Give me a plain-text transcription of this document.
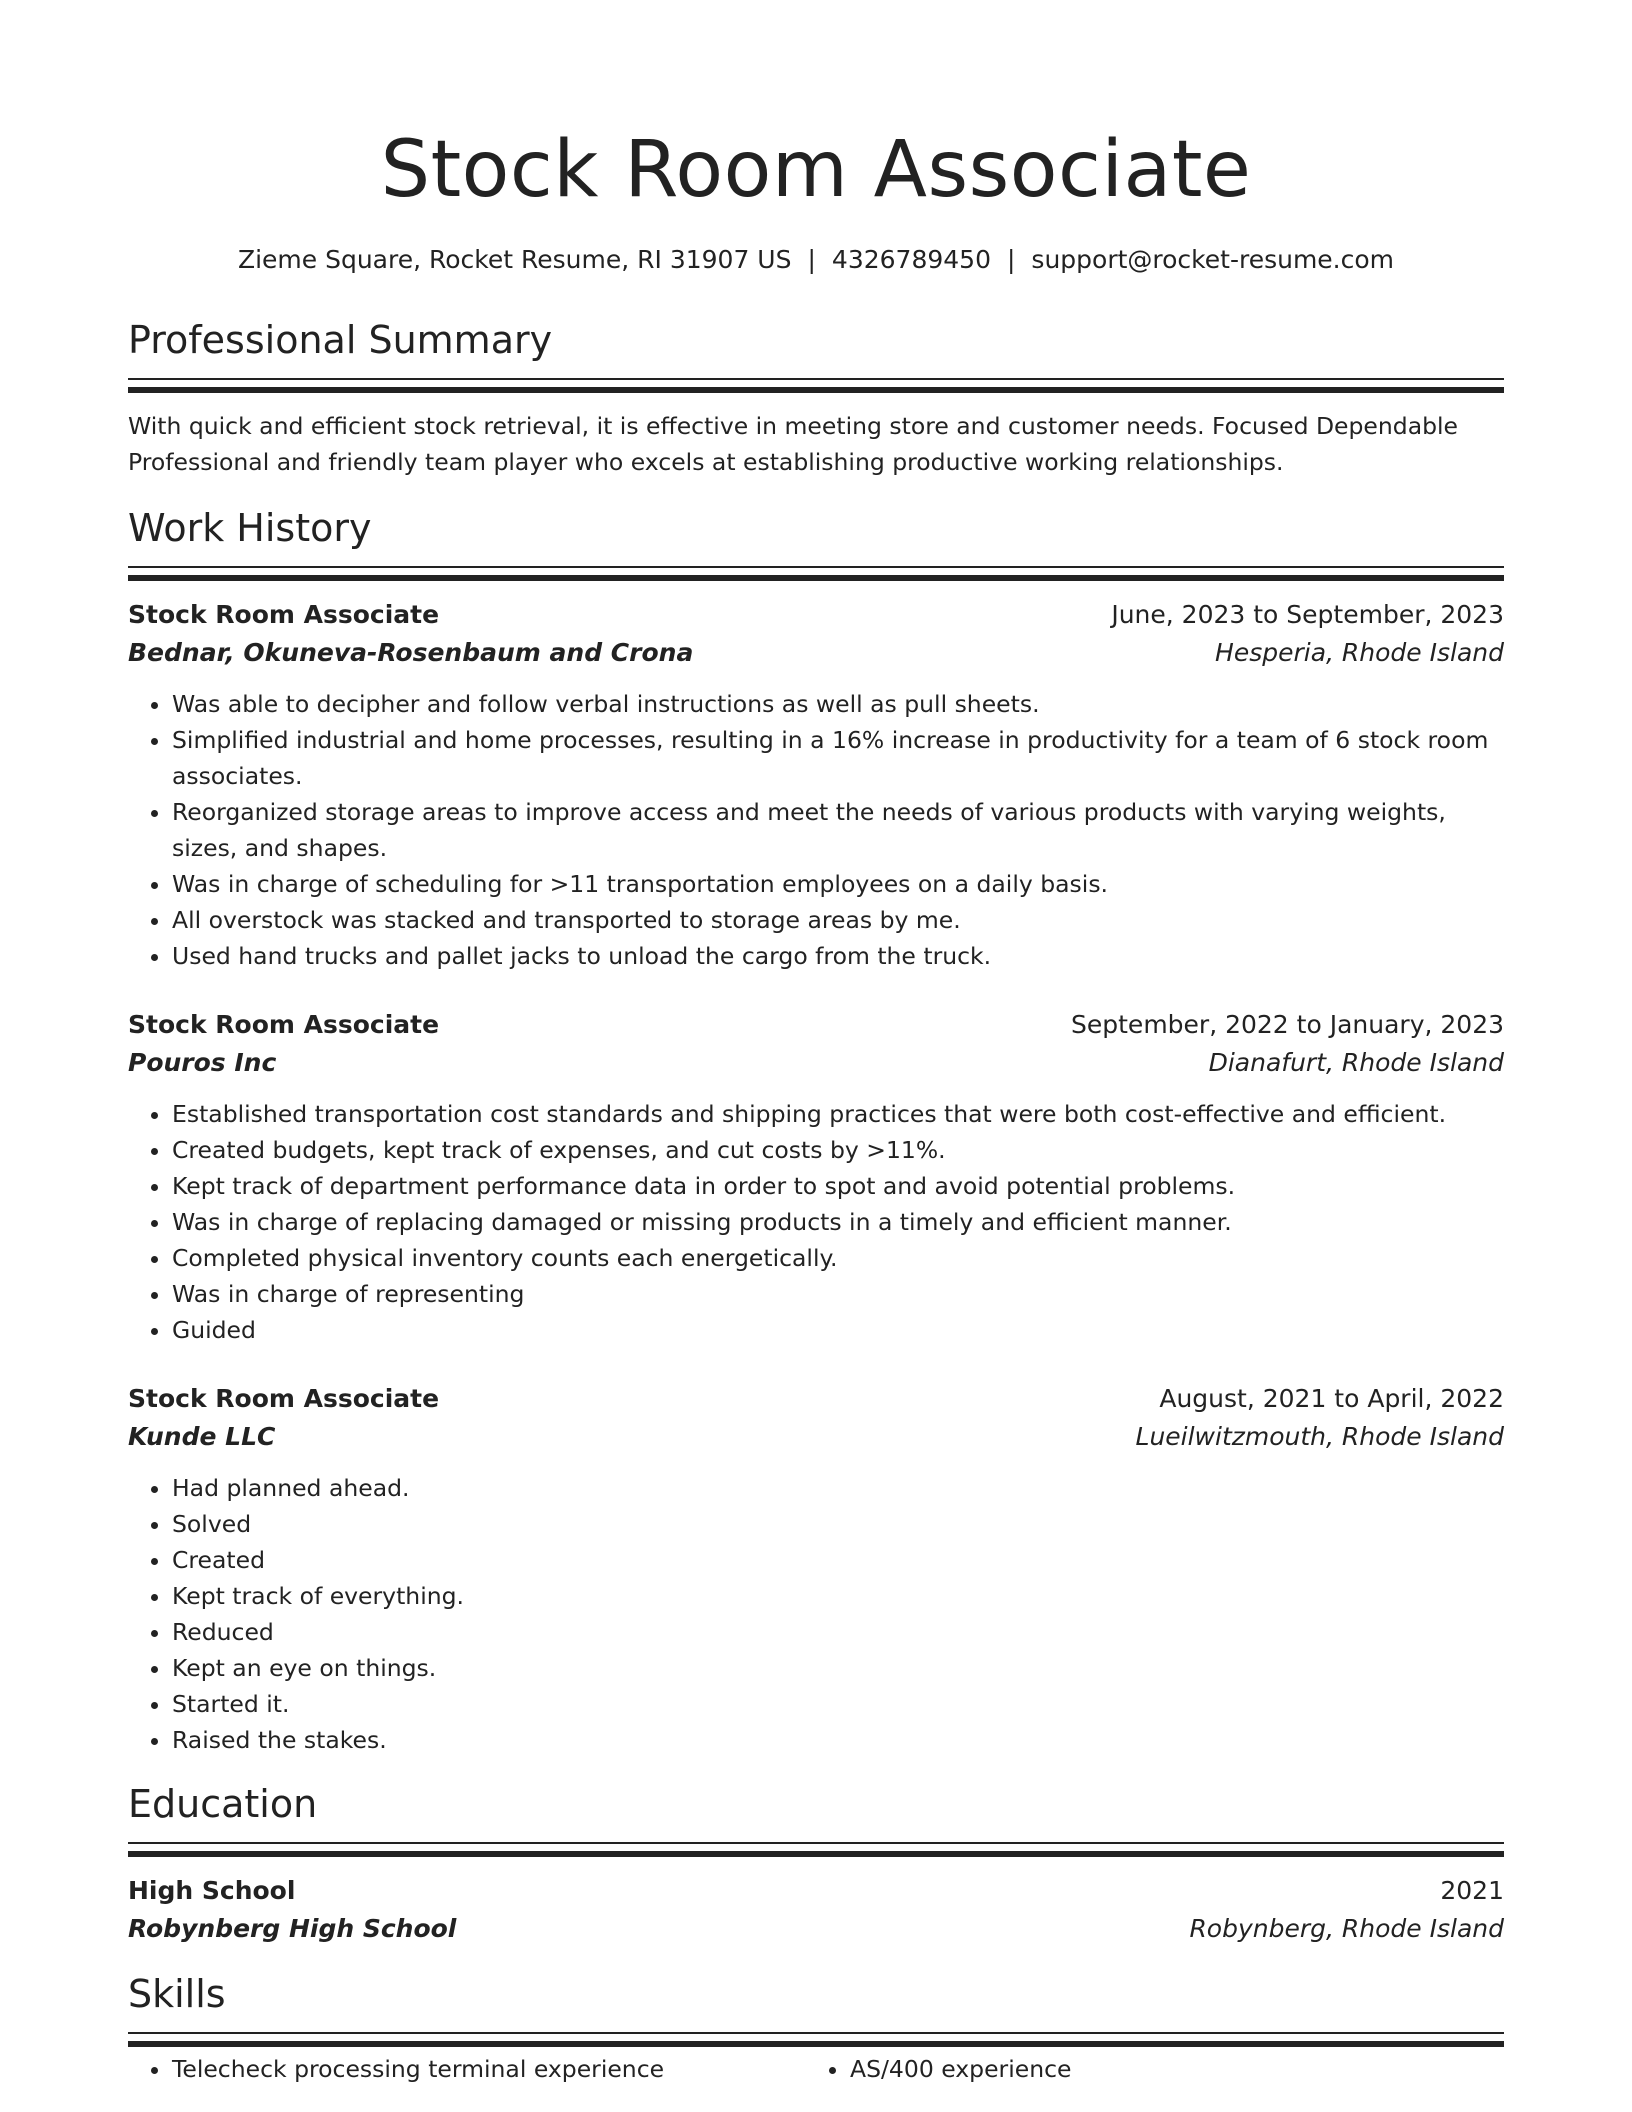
Stock Room Associate
Zieme Square, Rocket Resume, RI 31907 US | 4326789450 | support@rocket-resume.com
Professional Summary
With quick and efficient stock retrieval, it is effective in meeting store and customer needs. Focused Dependable Professional and friendly team player who excels at establishing productive working relationships.
Work History
Stock Room Associate	June, 2023 to September, 2023
Bednar, Okuneva-Rosenbaum and Crona	Hesperia, Rhode Island
• Was able to decipher and follow verbal instructions as well as pull sheets.
• Simplified industrial and home processes, resulting in a 16% increase in productivity for a team of 6 stock room associates.
• Reorganized storage areas to improve access and meet the needs of various products with varying weights, sizes, and shapes.
• Was in charge of scheduling for >11 transportation employees on a daily basis.
• All overstock was stacked and transported to storage areas by me.
• Used hand trucks and pallet jacks to unload the cargo from the truck.
Stock Room Associate	September, 2022 to January, 2023
Pouros Inc	Dianafurt, Rhode Island
• Established transportation cost standards and shipping practices that were both cost-effective and efficient.
• Created budgets, kept track of expenses, and cut costs by >11%.
• Kept track of department performance data in order to spot and avoid potential problems.
• Was in charge of replacing damaged or missing products in a timely and efficient manner.
• Completed physical inventory counts each energetically.
• Was in charge of representing
• Guided
Stock Room Associate	August, 2021 to April, 2022
Kunde LLC	Lueilwitzmouth, Rhode Island
• Had planned ahead.
• Solved
• Created
• Kept track of everything.
• Reduced
• Kept an eye on things.
• Started it.
• Raised the stakes.
Education
High School	2021
Robynberg High School	Robynberg, Rhode Island
Skills
• Telecheck processing terminal experience
•	AS/400 experience
